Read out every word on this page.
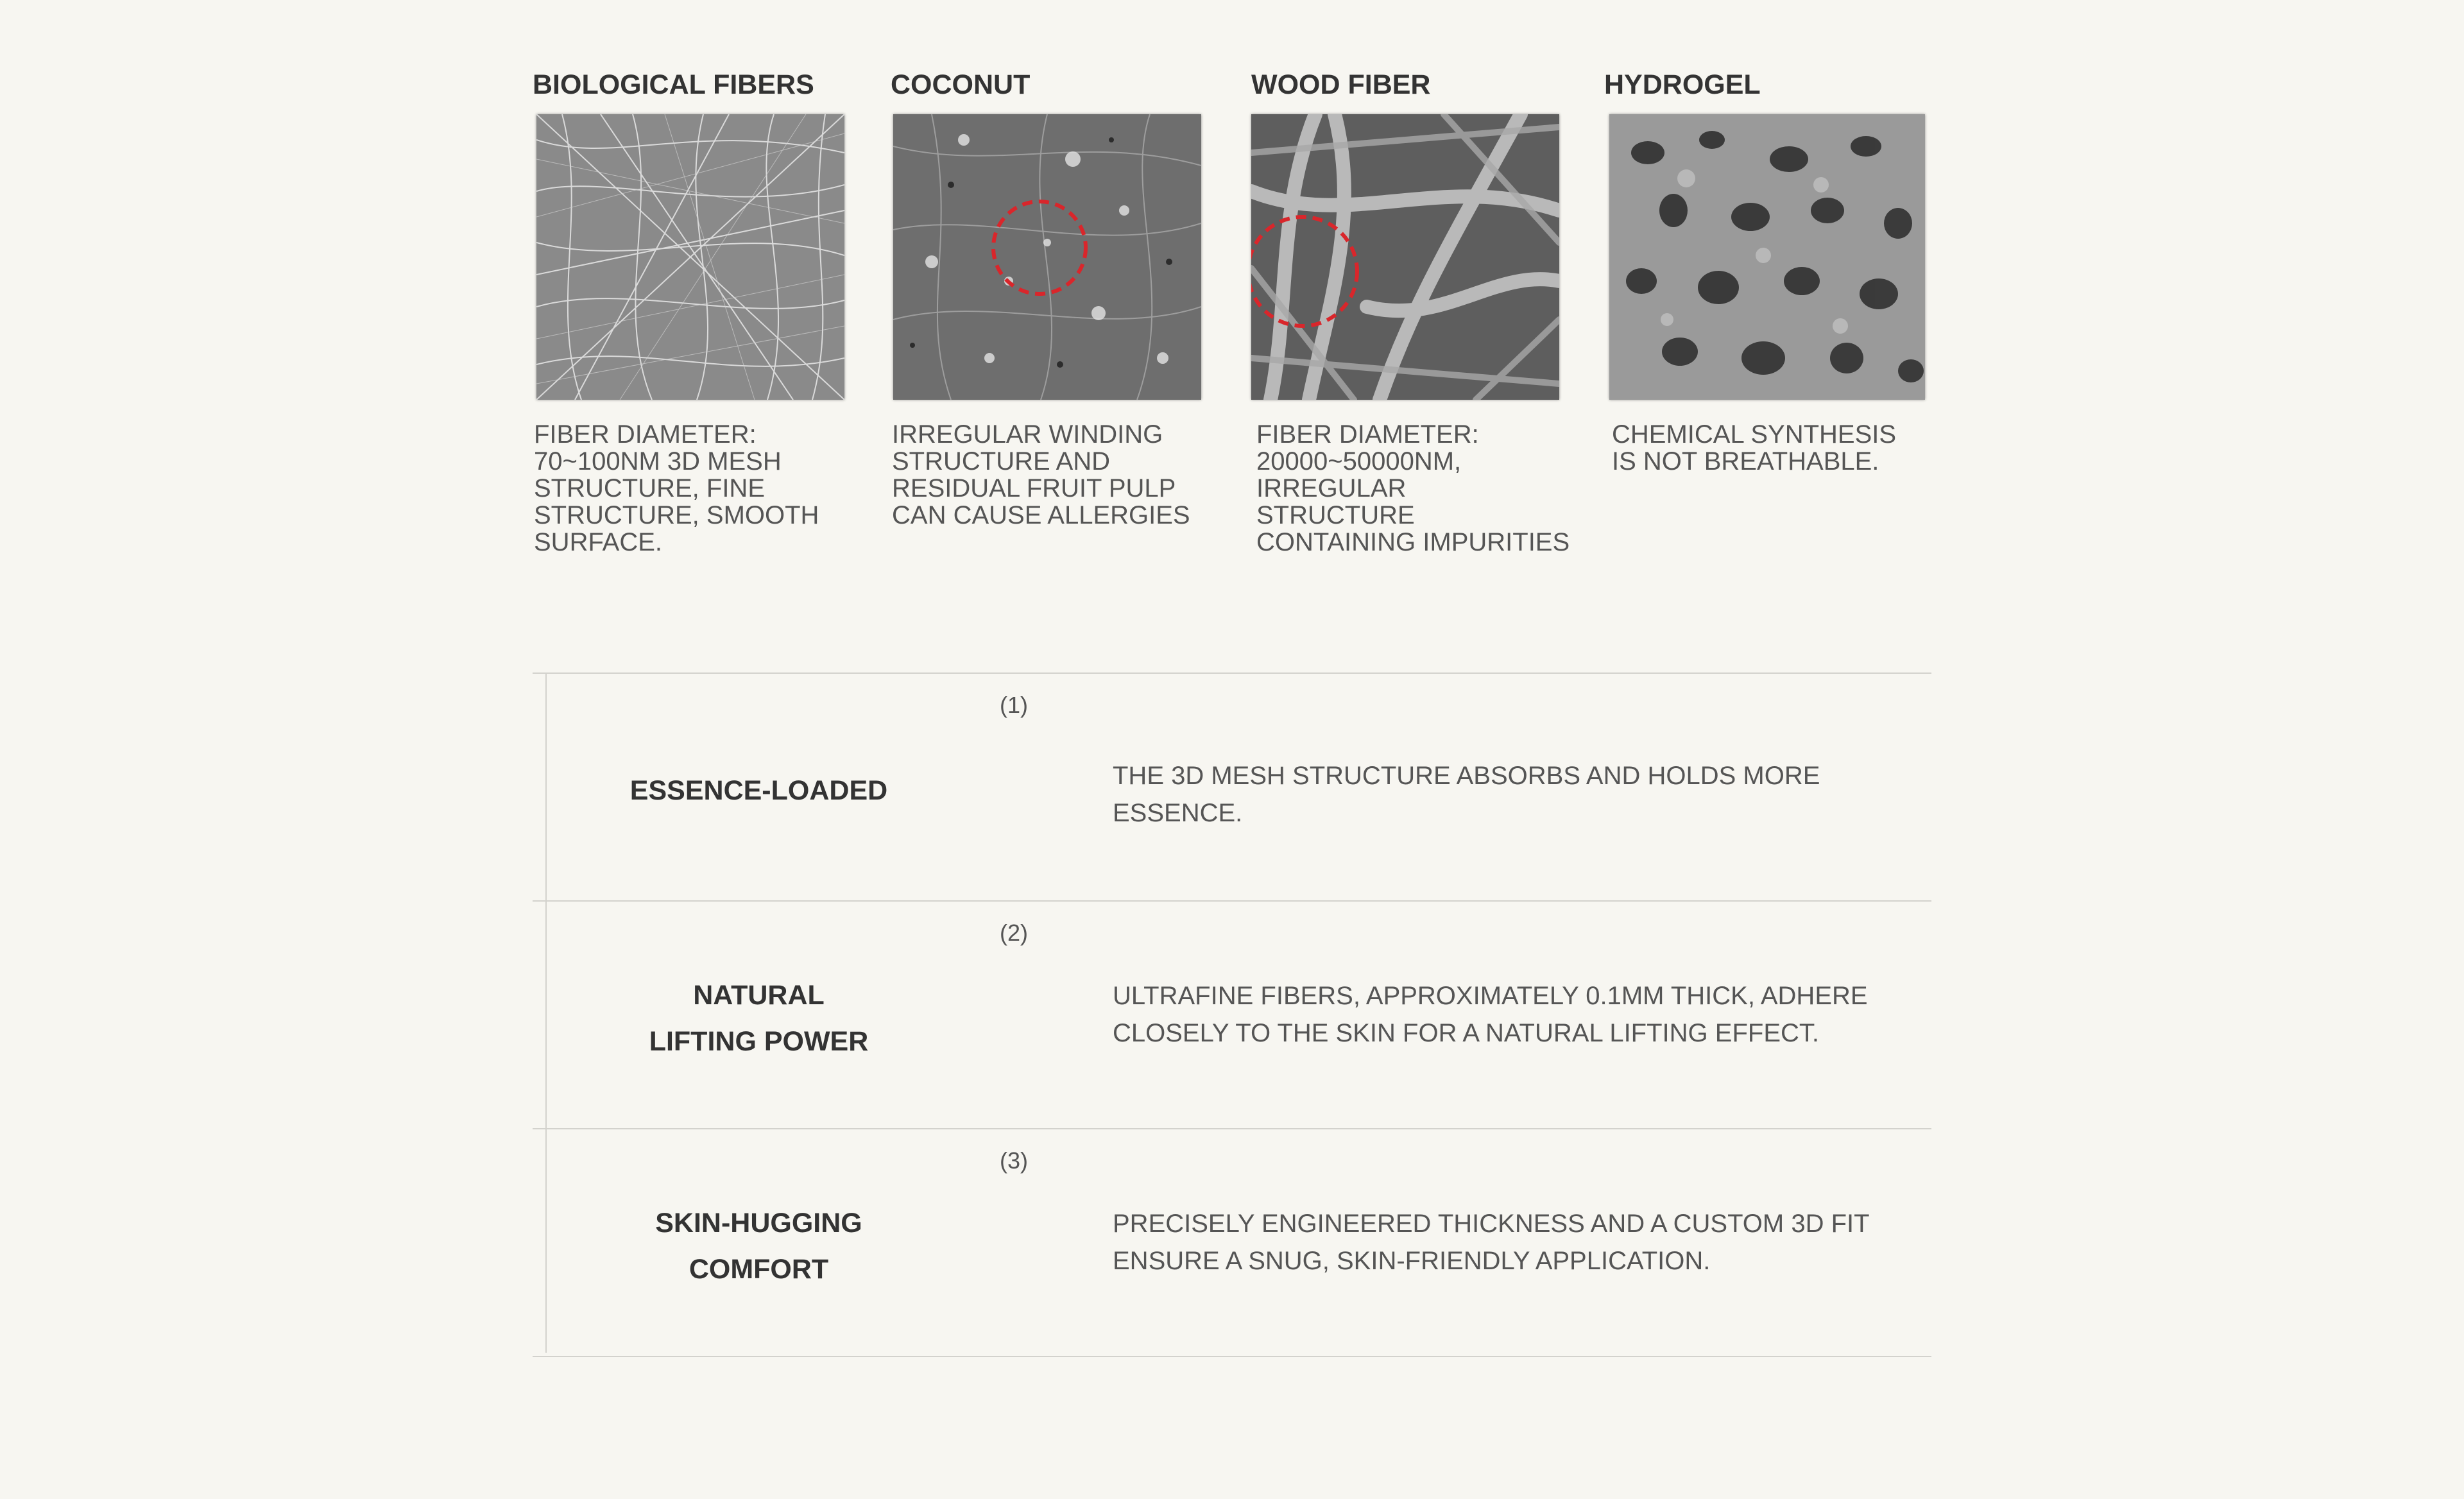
BIOLOGICAL FIBERS

FIBER DIAMETER:
70~100NM 3D MESH
STRUCTURE, FINE
STRUCTURE, SMOOTH
SURFACE.

COCONUT

IRREGULAR WINDING
STRUCTURE AND
RESIDUAL FRUIT PULP
CAN CAUSE ALLERGIES

WOOD FIBER

FIBER DIAMETER:
20000~50000NM,
IRREGULAR STRUCTURE
CONTAINING IMPURITIES

HYDROGEL

CHEMICAL SYNTHESIS
IS NOT BREATHABLE.

(1)
ESSENCE-LOADED	THE 3D MESH STRUCTURE ABSORBS AND HOLDS MORE ESSENCE.
(2)
NATURAL
LIFTING POWER
ULTRAFINE FIBERS, APPROXIMATELY 0.1MM THICK, ADHERE CLOSELY TO THE SKIN FOR A NATURAL LIFTING EFFECT.
(3)
SKIN-HUGGING
COMFORT
PRECISELY ENGINEERED THICKNESS AND A CUSTOM 3D FIT ENSURE A SNUG, SKIN-FRIENDLY APPLICATION.
